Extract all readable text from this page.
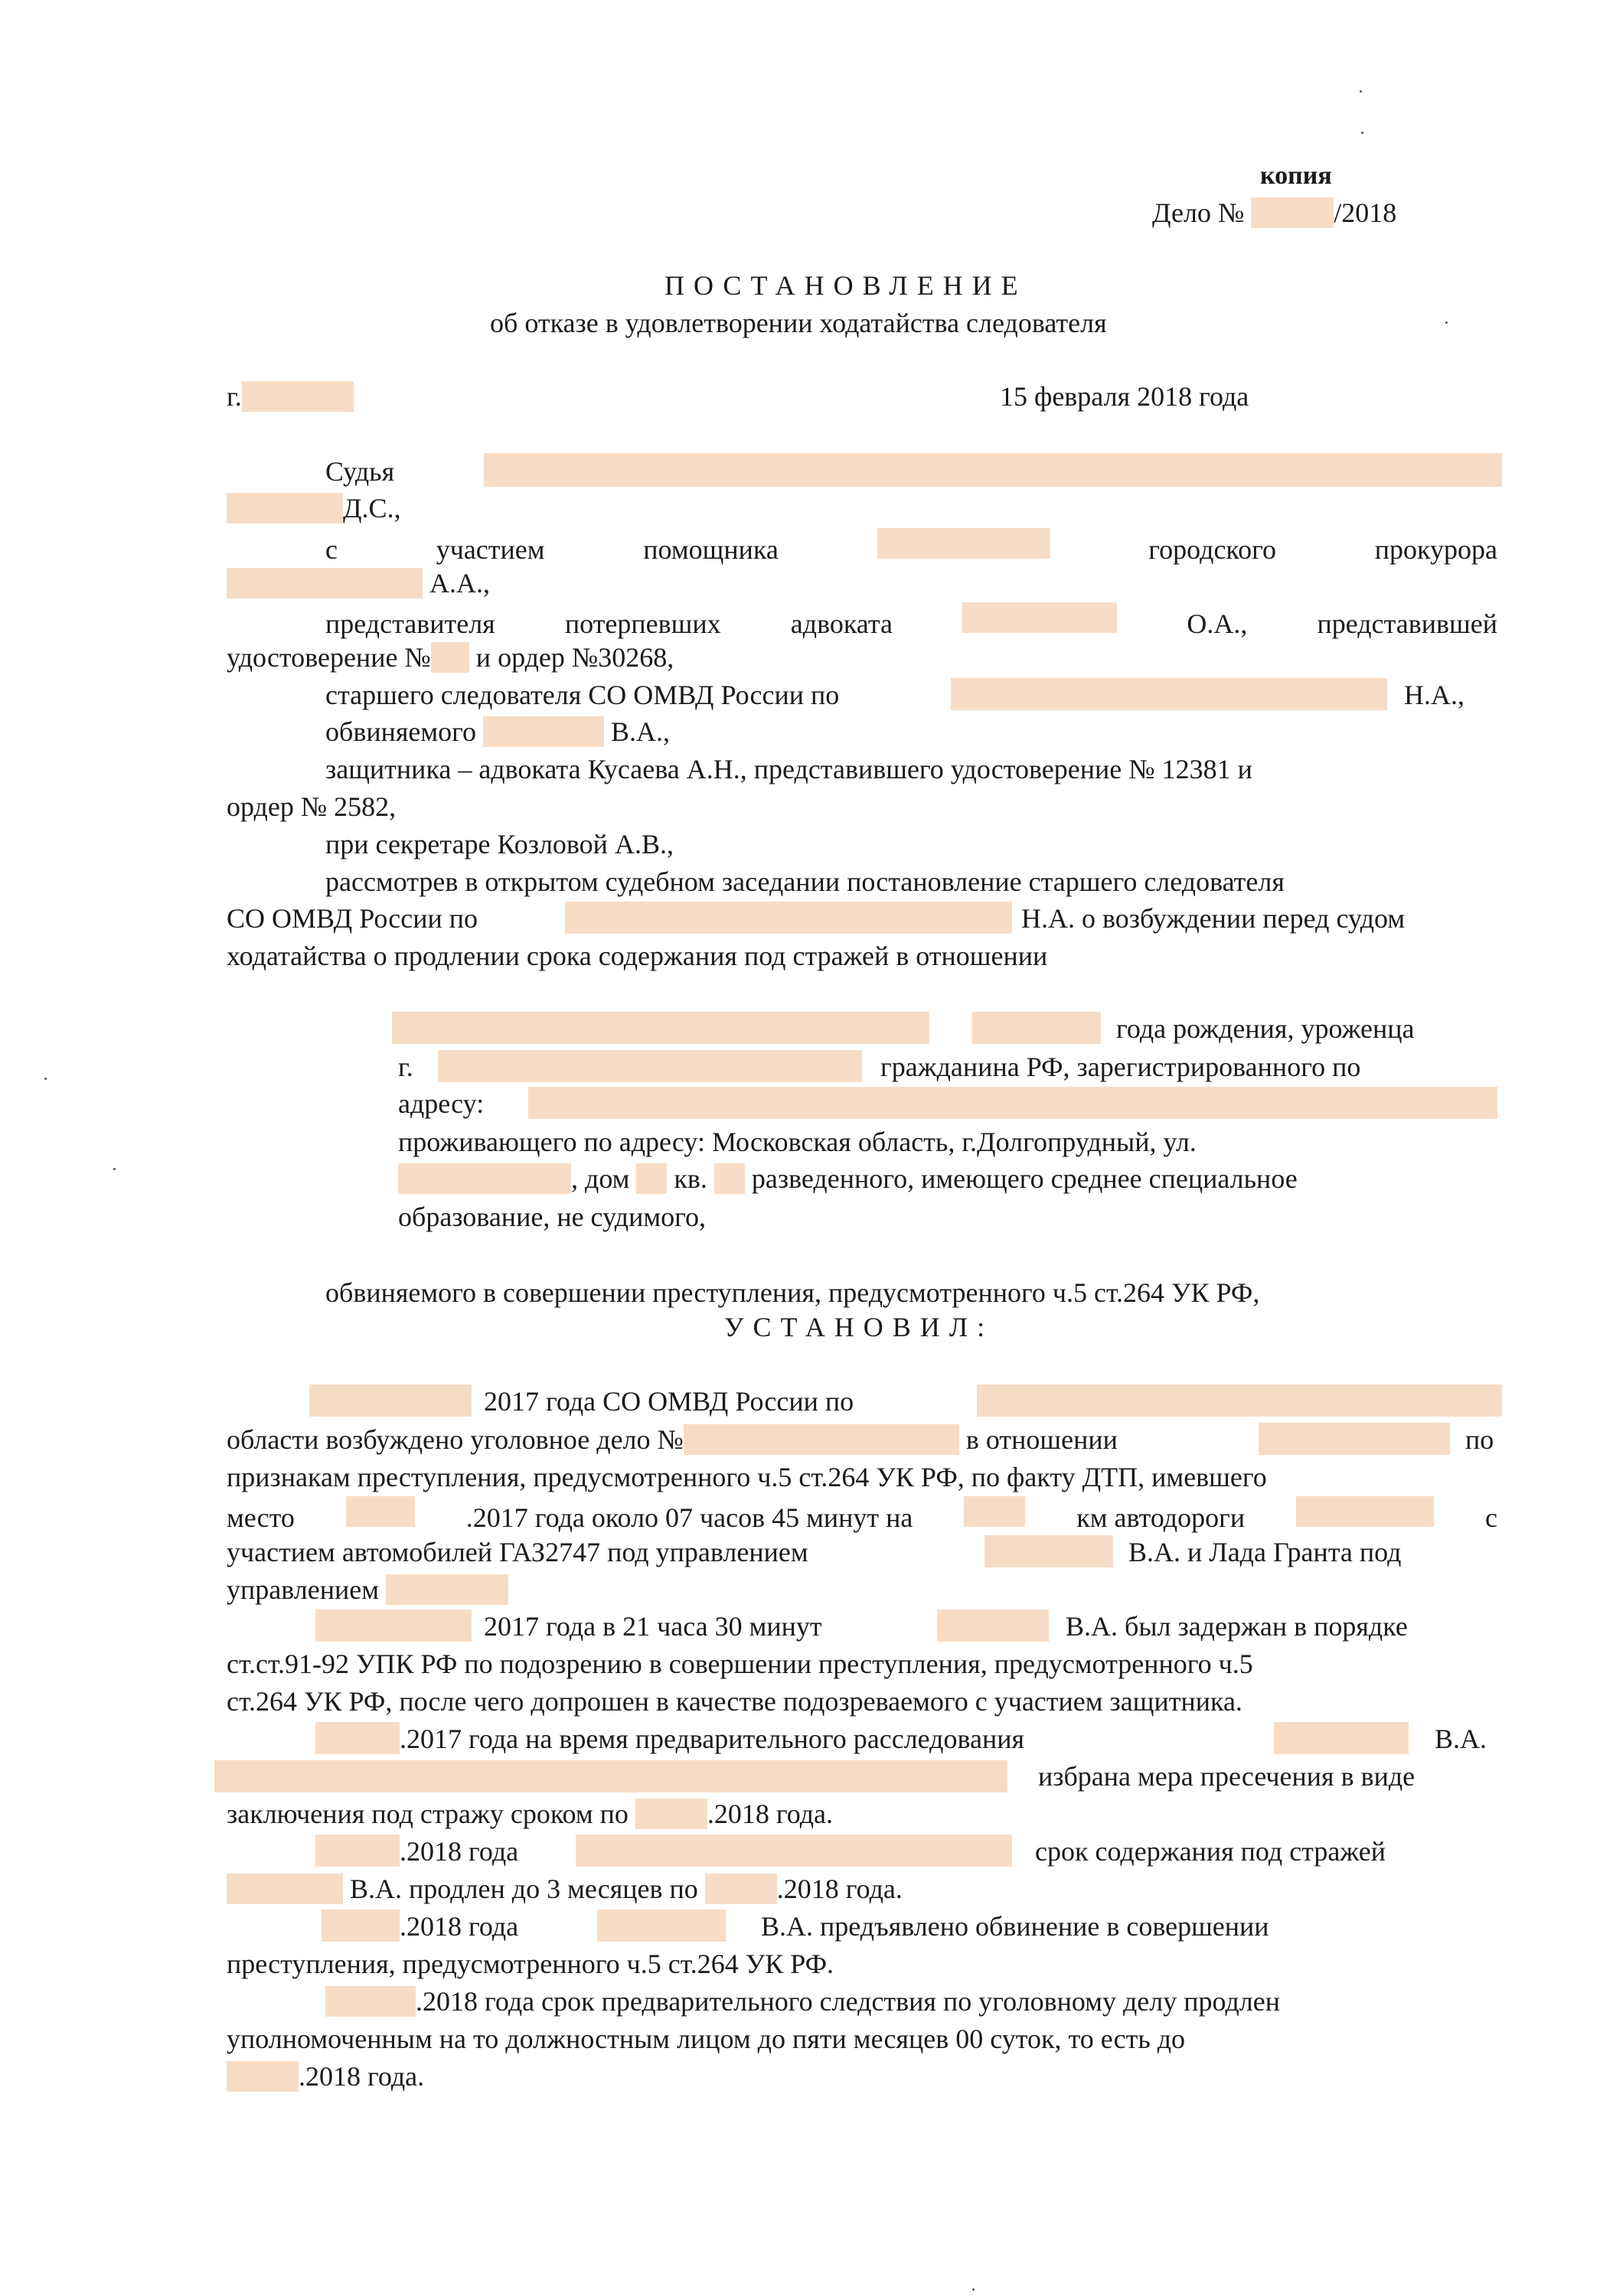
копия
Дело №	/2018
ПОСТАНОВЛЕНИЕ
об отказе в удовлетворении ходатайства следователя
г.	15 февраля 2018 года
Судья
Д.С.,
с	участием	помощника	городского	прокурора
А.А.,
представителя	потерпевших	адвоката	О.А.,	представившей
удостоверение № и ордер №30268,
старшего следователя СО ОМВД России по	Н.А.,
обвиняемого	В.А.,
защитника – адвоката Кусаева А.Н., представившего удостоверение № 12381 и
ордер № 2582,
при секретаре Козловой А.В.,
рассмотрев в открытом судебном заседании постановление старшего следователя
СО ОМВД России по	Н.А. о возбуждении перед судом
ходатайства о продлении срока содержания под стражей в отношении
года рождения, уроженца
г.	гражданина РФ, зарегистрированного по
адресу:
проживающего по адресу: Московская область, г.Долгопрудный, ул.
, дом кв. разведенного, имеющего среднее специальное
образование, не судимого,
обвиняемого в совершении преступления, предусмотренного ч.5 ст.264 УК РФ,
УСТАНОВИЛ:
2017 года СО ОМВД России по
области возбуждено уголовное дело №	в отношении	по
признакам преступления, предусмотренного ч.5 ст.264 УК РФ, по факту ДТП, имевшего
место	.2017 года около 07 часов 45 минут на	км автодороги	с
участием автомобилей ГАЗ2747 под управлением	В.А. и Лада Гранта под
управлением
2017 года в 21 часа 30 минут	В.А. был задержан в порядке
ст.ст.91-92 УПК РФ по подозрению в совершении преступления, предусмотренного ч.5
ст.264 УК РФ, после чего допрошен в качестве подозреваемого с участием защитника.
.2017 года на время предварительного расследования	В.А.
избрана мера пресечения в виде
заключения под стражу сроком по	.2018 года.
.2018 года	срок содержания под стражей
В.А. продлен до 3 месяцев по	.2018 года.
.2018 года	В.А. предъявлено обвинение в совершении
преступления, предусмотренного ч.5 ст.264 УК РФ.
.2018 года срок предварительного следствия по уголовному делу продлен
уполномоченным на то должностным лицом до пяти месяцев 00 суток, то есть до
.2018 года.
